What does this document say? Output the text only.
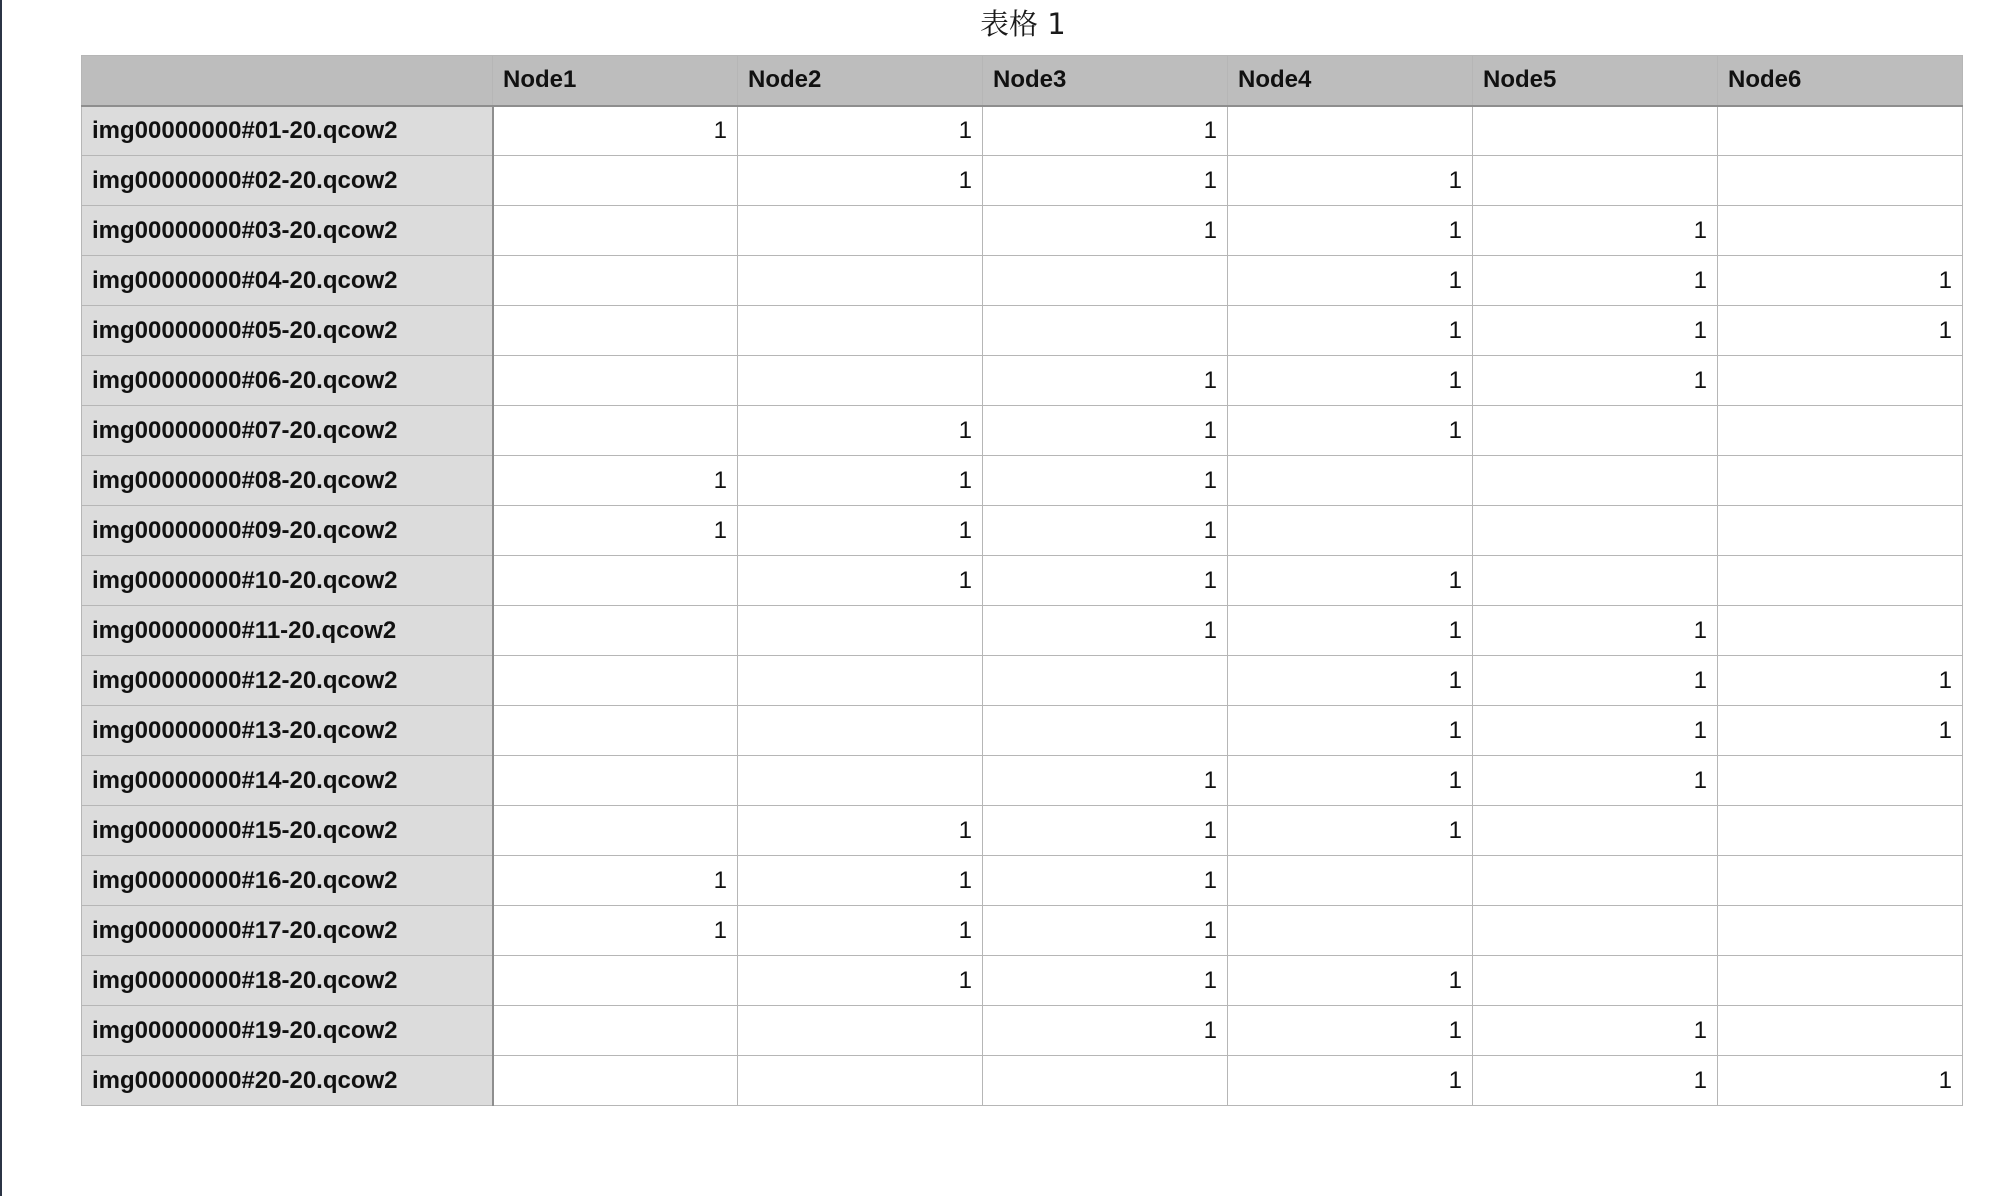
表格 1
	Node1	Node2	Node3	Node4	Node5	Node6
img00000000#01-20.qcow2	1	1	1			
img00000000#02-20.qcow2		1	1	1		
img00000000#03-20.qcow2			1	1	1	
img00000000#04-20.qcow2				1	1	1
img00000000#05-20.qcow2				1	1	1
img00000000#06-20.qcow2			1	1	1	
img00000000#07-20.qcow2		1	1	1		
img00000000#08-20.qcow2	1	1	1			
img00000000#09-20.qcow2	1	1	1			
img00000000#10-20.qcow2		1	1	1		
img00000000#11-20.qcow2			1	1	1	
img00000000#12-20.qcow2				1	1	1
img00000000#13-20.qcow2				1	1	1
img00000000#14-20.qcow2			1	1	1	
img00000000#15-20.qcow2		1	1	1		
img00000000#16-20.qcow2	1	1	1			
img00000000#17-20.qcow2	1	1	1			
img00000000#18-20.qcow2		1	1	1		
img00000000#19-20.qcow2			1	1	1	
img00000000#20-20.qcow2				1	1	1
